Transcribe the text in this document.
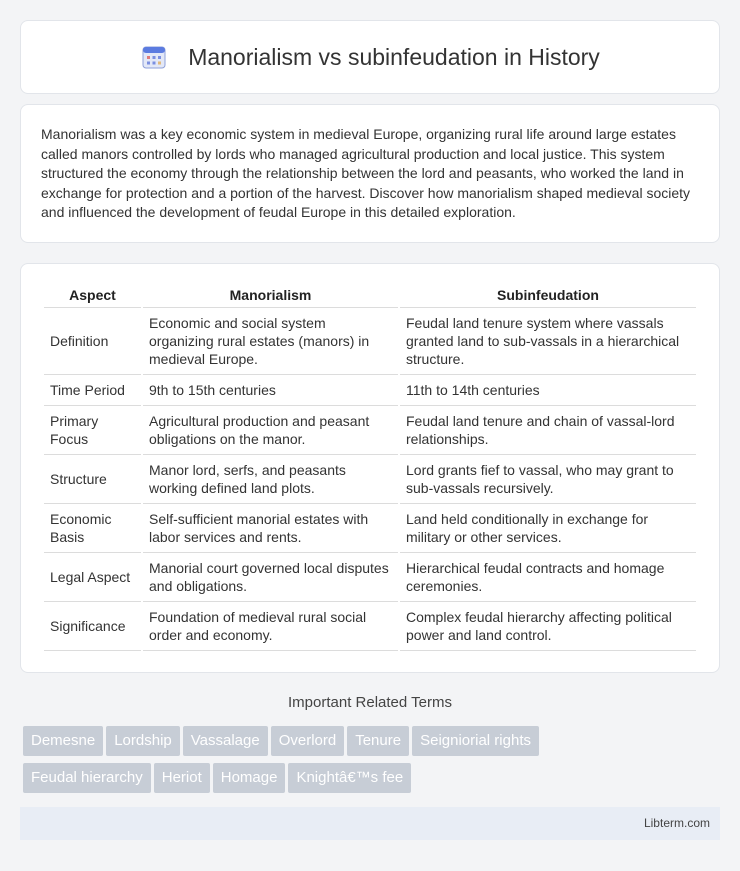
Manorialism vs subinfeudation in History

Manorialism was a key economic system in medieval Europe, organizing rural life around large estates called manors controlled by lords who managed agricultural production and local justice. This system structured the economy through the relationship between the lord and peasants, who worked the land in exchange for protection and a portion of the harvest. Discover how manorialism shaped medieval society and influenced the development of feudal Europe in this detailed exploration.

Aspect	Manorialism	Subinfeudation
Definition	Economic and social system organizing rural estates (manors) in medieval Europe.	Feudal land tenure system where vassals granted land to sub-vassals in a hierarchical structure.
Time Period	9th to 15th centuries	11th to 14th centuries
Primary Focus	Agricultural production and peasant obligations on the manor.	Feudal land tenure and chain of vassal-lord relationships.
Structure	Manor lord, serfs, and peasants working defined land plots.	Lord grants fief to vassal, who may grant to sub-vassals recursively.
Economic Basis	Self-sufficient manorial estates with labor services and rents.	Land held conditionally in exchange for military or other services.
Legal Aspect	Manorial court governed local disputes and obligations.	Hierarchical feudal contracts and homage ceremonies.
Significance	Foundation of medieval rural social order and economy.	Complex feudal hierarchy affecting political power and land control.
Important Related Terms
Demesne Lordship Vassalage Overlord Tenure Seigniorial rights
Feudal hierarchy Heriot Homage Knightâ€™s fee
Libterm.com
